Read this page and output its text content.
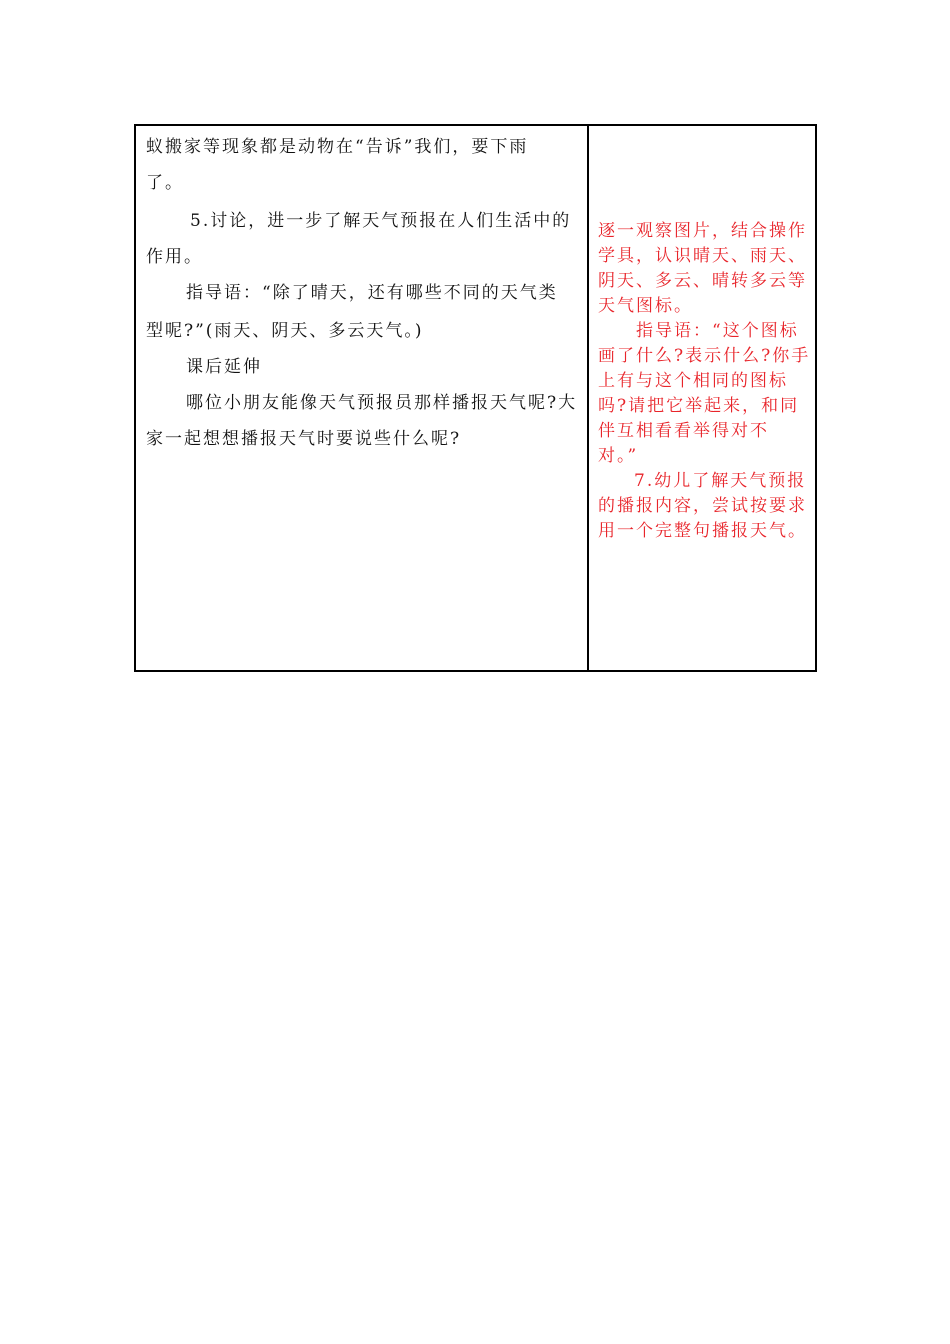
蚁搬家等现象都是动物在“告诉”我们，要下雨
了。
5.讨论，进一步了解天气预报在人们生活中的
作用。
指导语：“除了晴天，还有哪些不同的天气类
型呢?”(雨天、阴天、多云天气。)
课后延伸
哪位小朋友能像天气预报员那样播报天气呢?大
家一起想想播报天气时要说些什么呢?
逐一观察图片，结合操作
学具，认识晴天、雨天、
阴天、多云、晴转多云等
天气图标。
指导语：“这个图标
画了什么?表示什么?你手
上有与这个相同的图标
吗?请把它举起来，和同
伴互相看看举得对不
对。”
7.幼儿了解天气预报
的播报内容，尝试按要求
用一个完整句播报天气。
